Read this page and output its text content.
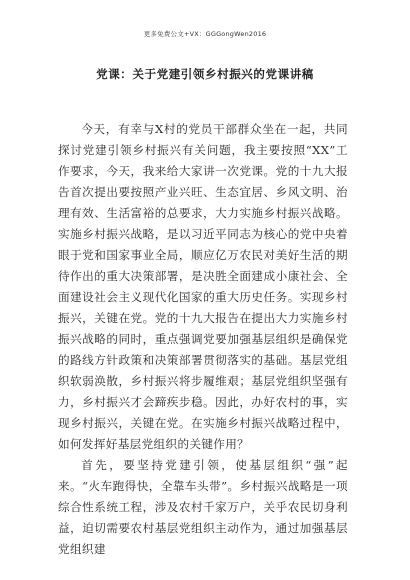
更多免费公文+VX：GGGongWen2016
党课：关于党建引领乡村振兴的党课讲稿

今天，有幸与X村的党员干部群众坐在一起，共同探讨党建引领乡村振兴有关问题，我主要按照“XX”工作要求，今天，我来给大家讲一次党课。党的十九大报告首次提出要按照产业兴旺、生态宜居、乡风文明、治理有效、生活富裕的总要求，大力实施乡村振兴战略。实施乡村振兴战略，是以习近平同志为核心的党中央着眼于党和国家事业全局，顺应亿万农民对美好生活的期待作出的重大决策部署，是决胜全面建成小康社会、全面建设社会主义现代化国家的重大历史任务。实现乡村振兴，关键在党。党的十九大报告在提出大力实施乡村振兴战略的同时，重点强调党要加强基层组织是确保党的路线方针政策和决策部署贯彻落实的基础。基层党组织软弱涣散，乡村振兴将步履维艰；基层党组织坚强有力，乡村振兴才会蹄疾步稳。因此，办好农村的事，实现乡村振兴，关键在党。在实施乡村振兴战略过程中，如何发挥好基层党组织的关键作用？

首先，要坚持党建引领，使基层组织“强”起来。“火车跑得快，全靠车头带”。乡村振兴战略是一项综合性系统工程，涉及农村千家万户，关乎农民切身利益，迫切需要农村基层党组织主动作为，通过加强基层党组织建
